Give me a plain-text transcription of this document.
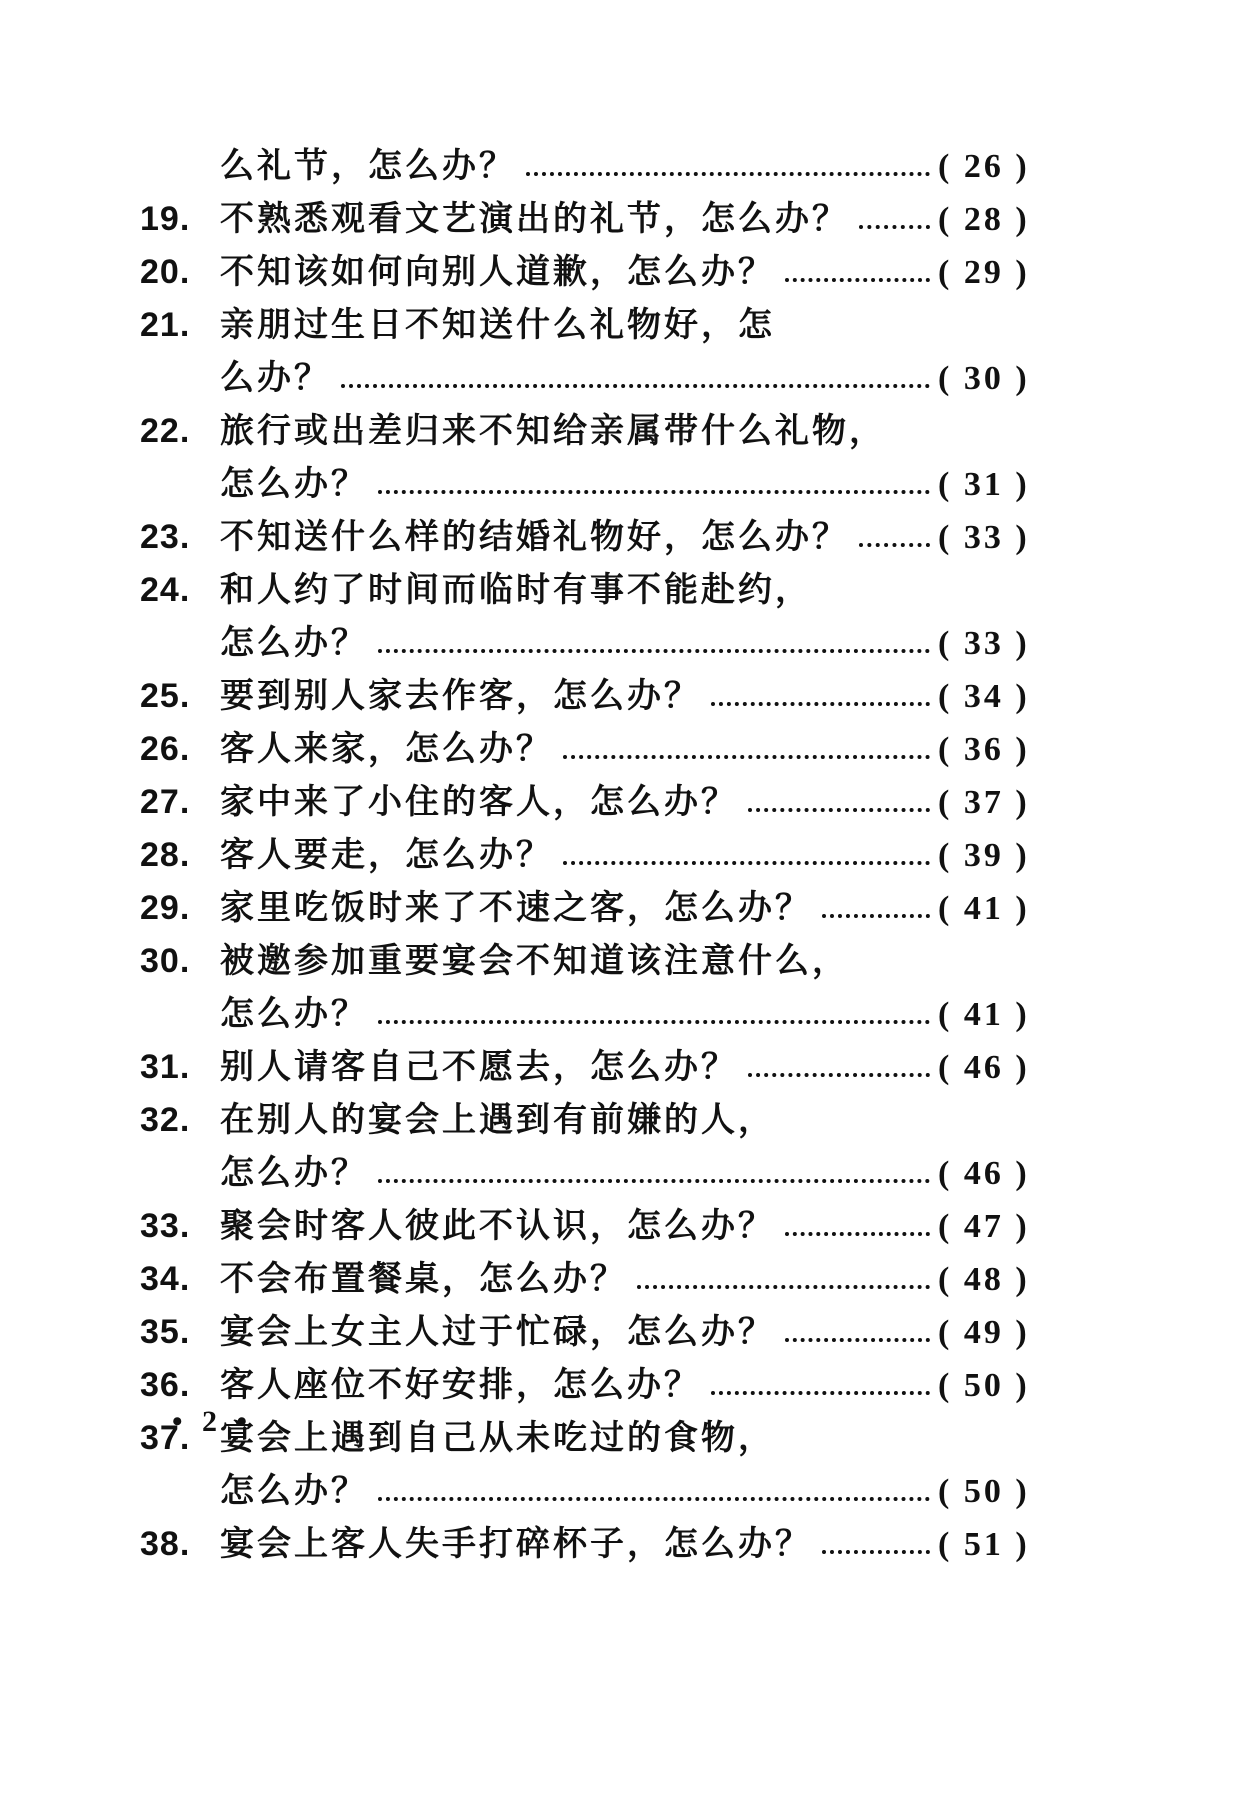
么礼节，怎么办？	( 26 )
19. 不熟悉观看文艺演出的礼节，怎么办？	( 28 )
20. 不知该如何向别人道歉，怎么办？	( 29 )
21. 亲朋过生日不知送什么礼物好，怎
么办？	( 30 )
22. 旅行或出差归来不知给亲属带什么礼物，
怎么办？	( 31 )
23. 不知送什么样的结婚礼物好，怎么办？	( 33 )
24. 和人约了时间而临时有事不能赴约，
怎么办？	( 33 )
25. 要到别人家去作客，怎么办？	( 34 )
26. 客人来家，怎么办？	( 36 )
27. 家中来了小住的客人，怎么办？	( 37 )
28. 客人要走，怎么办？	( 39 )
29. 家里吃饭时来了不速之客，怎么办？	( 41 )
30. 被邀参加重要宴会不知道该注意什么，
怎么办？	( 41 )
31. 别人请客自己不愿去，怎么办？	( 46 )
32. 在别人的宴会上遇到有前嫌的人，
怎么办？	( 46 )
33. 聚会时客人彼此不认识，怎么办？	( 47 )
34. 不会布置餐桌，怎么办？	( 48 )
35. 宴会上女主人过于忙碌，怎么办？	( 49 )
36. 客人座位不好安排，怎么办？	( 50 )
37. 宴会上遇到自己从未吃过的食物，
怎么办？	( 50 )
38. 宴会上客人失手打碎杯子，怎么办？	( 51 )
• 2 •
